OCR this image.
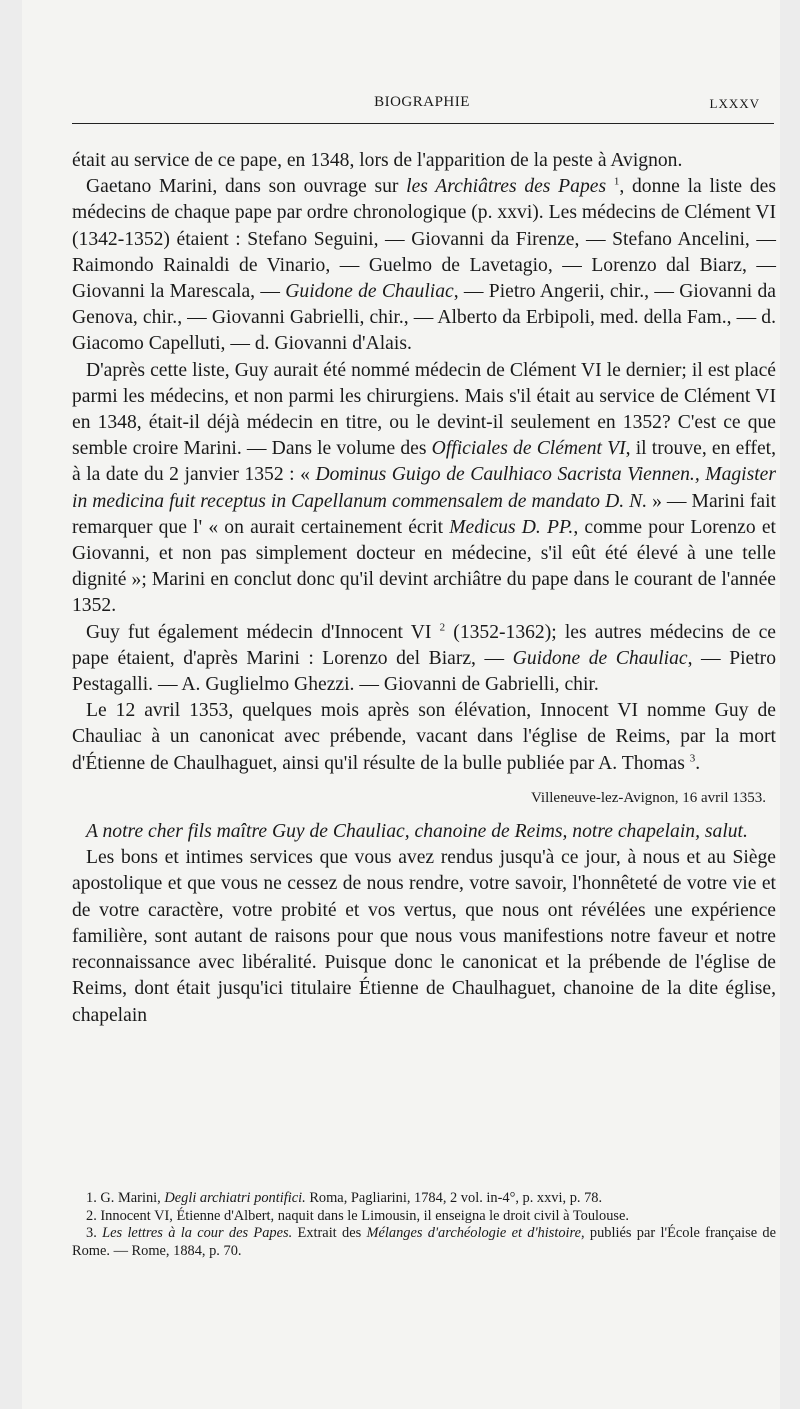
BIOGRAPHIE	LXXXV

était au service de ce pape, en 1348, lors de l'apparition de la peste à Avignon.

Gaetano Marini, dans son ouvrage sur les Archiâtres des Papes $^1$, donne la liste des médecins de chaque pape par ordre chronologique (p. xxvi). Les médecins de Clément VI (1342-1352) étaient : Stefano Seguini, — Giovanni da Firenze, — Stefano Ancelini, — Raimondo Rainaldi de Vinario, — Guelmo de Lavetagio, — Lorenzo dal Biarz, — Giovanni la Marescala, — Guidone de Chauliac, — Pietro Angerii, chir., — Giovanni da Genova, chir., — Giovanni Gabrielli, chir., — Alberto da Erbipoli, med. della Fam., — d. Giacomo Capelluti, — d. Giovanni d'Alais.

D'après cette liste, Guy aurait été nommé médecin de Clément VI le dernier; il est placé parmi les médecins, et non parmi les chirurgiens. Mais s'il était au service de Clément VI en 1348, était-il déjà médecin en titre, ou le devint-il seulement en 1352? C'est ce que semble croire Marini. — Dans le volume des Officiales de Clément VI, il trouve, en effet, à la date du 2 janvier 1352 : « Dominus Guigo de Caulhiaco Sacrista Viennen., Magister in medicina fuit receptus in Capellanum commensalem de mandato D. N. » — Marini fait remarquer que l' « on aurait certainement écrit Medicus D. PP., comme pour Lorenzo et Giovanni, et non pas simplement docteur en médecine, s'il eût été élevé à une telle dignité »; Marini en conclut donc qu'il devint archiâtre du pape dans le courant de l'année 1352.

Guy fut également médecin d'Innocent VI $^2$ (1352-1362); les autres médecins de ce pape étaient, d'après Marini : Lorenzo del Biarz, — Guidone de Chauliac, — Pietro Pestagalli. — A. Guglielmo Ghezzi. — Giovanni de Gabrielli, chir.

Le 12 avril 1353, quelques mois après son élévation, Innocent VI nomme Guy de Chauliac à un canonicat avec prébende, vacant dans l'église de Reims, par la mort d'Étienne de Chaulhaguet, ainsi qu'il résulte de la bulle publiée par A. Thomas $^3$.

Villeneuve-lez-Avignon, 16 avril 1353.

A notre cher fils maître Guy de Chauliac, chanoine de Reims, notre chapelain, salut.

Les bons et intimes services que vous avez rendus jusqu'à ce jour, à nous et au Siège apostolique et que vous ne cessez de nous rendre, votre savoir, l'honnêteté de votre vie et de votre caractère, votre probité et vos vertus, que nous ont révélées une expérience familière, sont autant de raisons pour que nous vous manifestions notre faveur et notre reconnaissance avec libéralité. Puisque donc le canonicat et la prébende de l'église de Reims, dont était jusqu'ici titulaire Étienne de Chaulhaguet, chanoine de la dite église, chapelain

1. G. Marini, Degli archiatri pontifici. Roma, Pagliarini, 1784, 2 vol. in-4°, p. xxvi, p. 78.

2. Innocent VI, Étienne d'Albert, naquit dans le Limousin, il enseigna le droit civil à Toulouse.

3. Les lettres à la cour des Papes. Extrait des Mélanges d'archéologie et d'histoire, publiés par l'École française de Rome. — Rome, 1884, p. 70.
